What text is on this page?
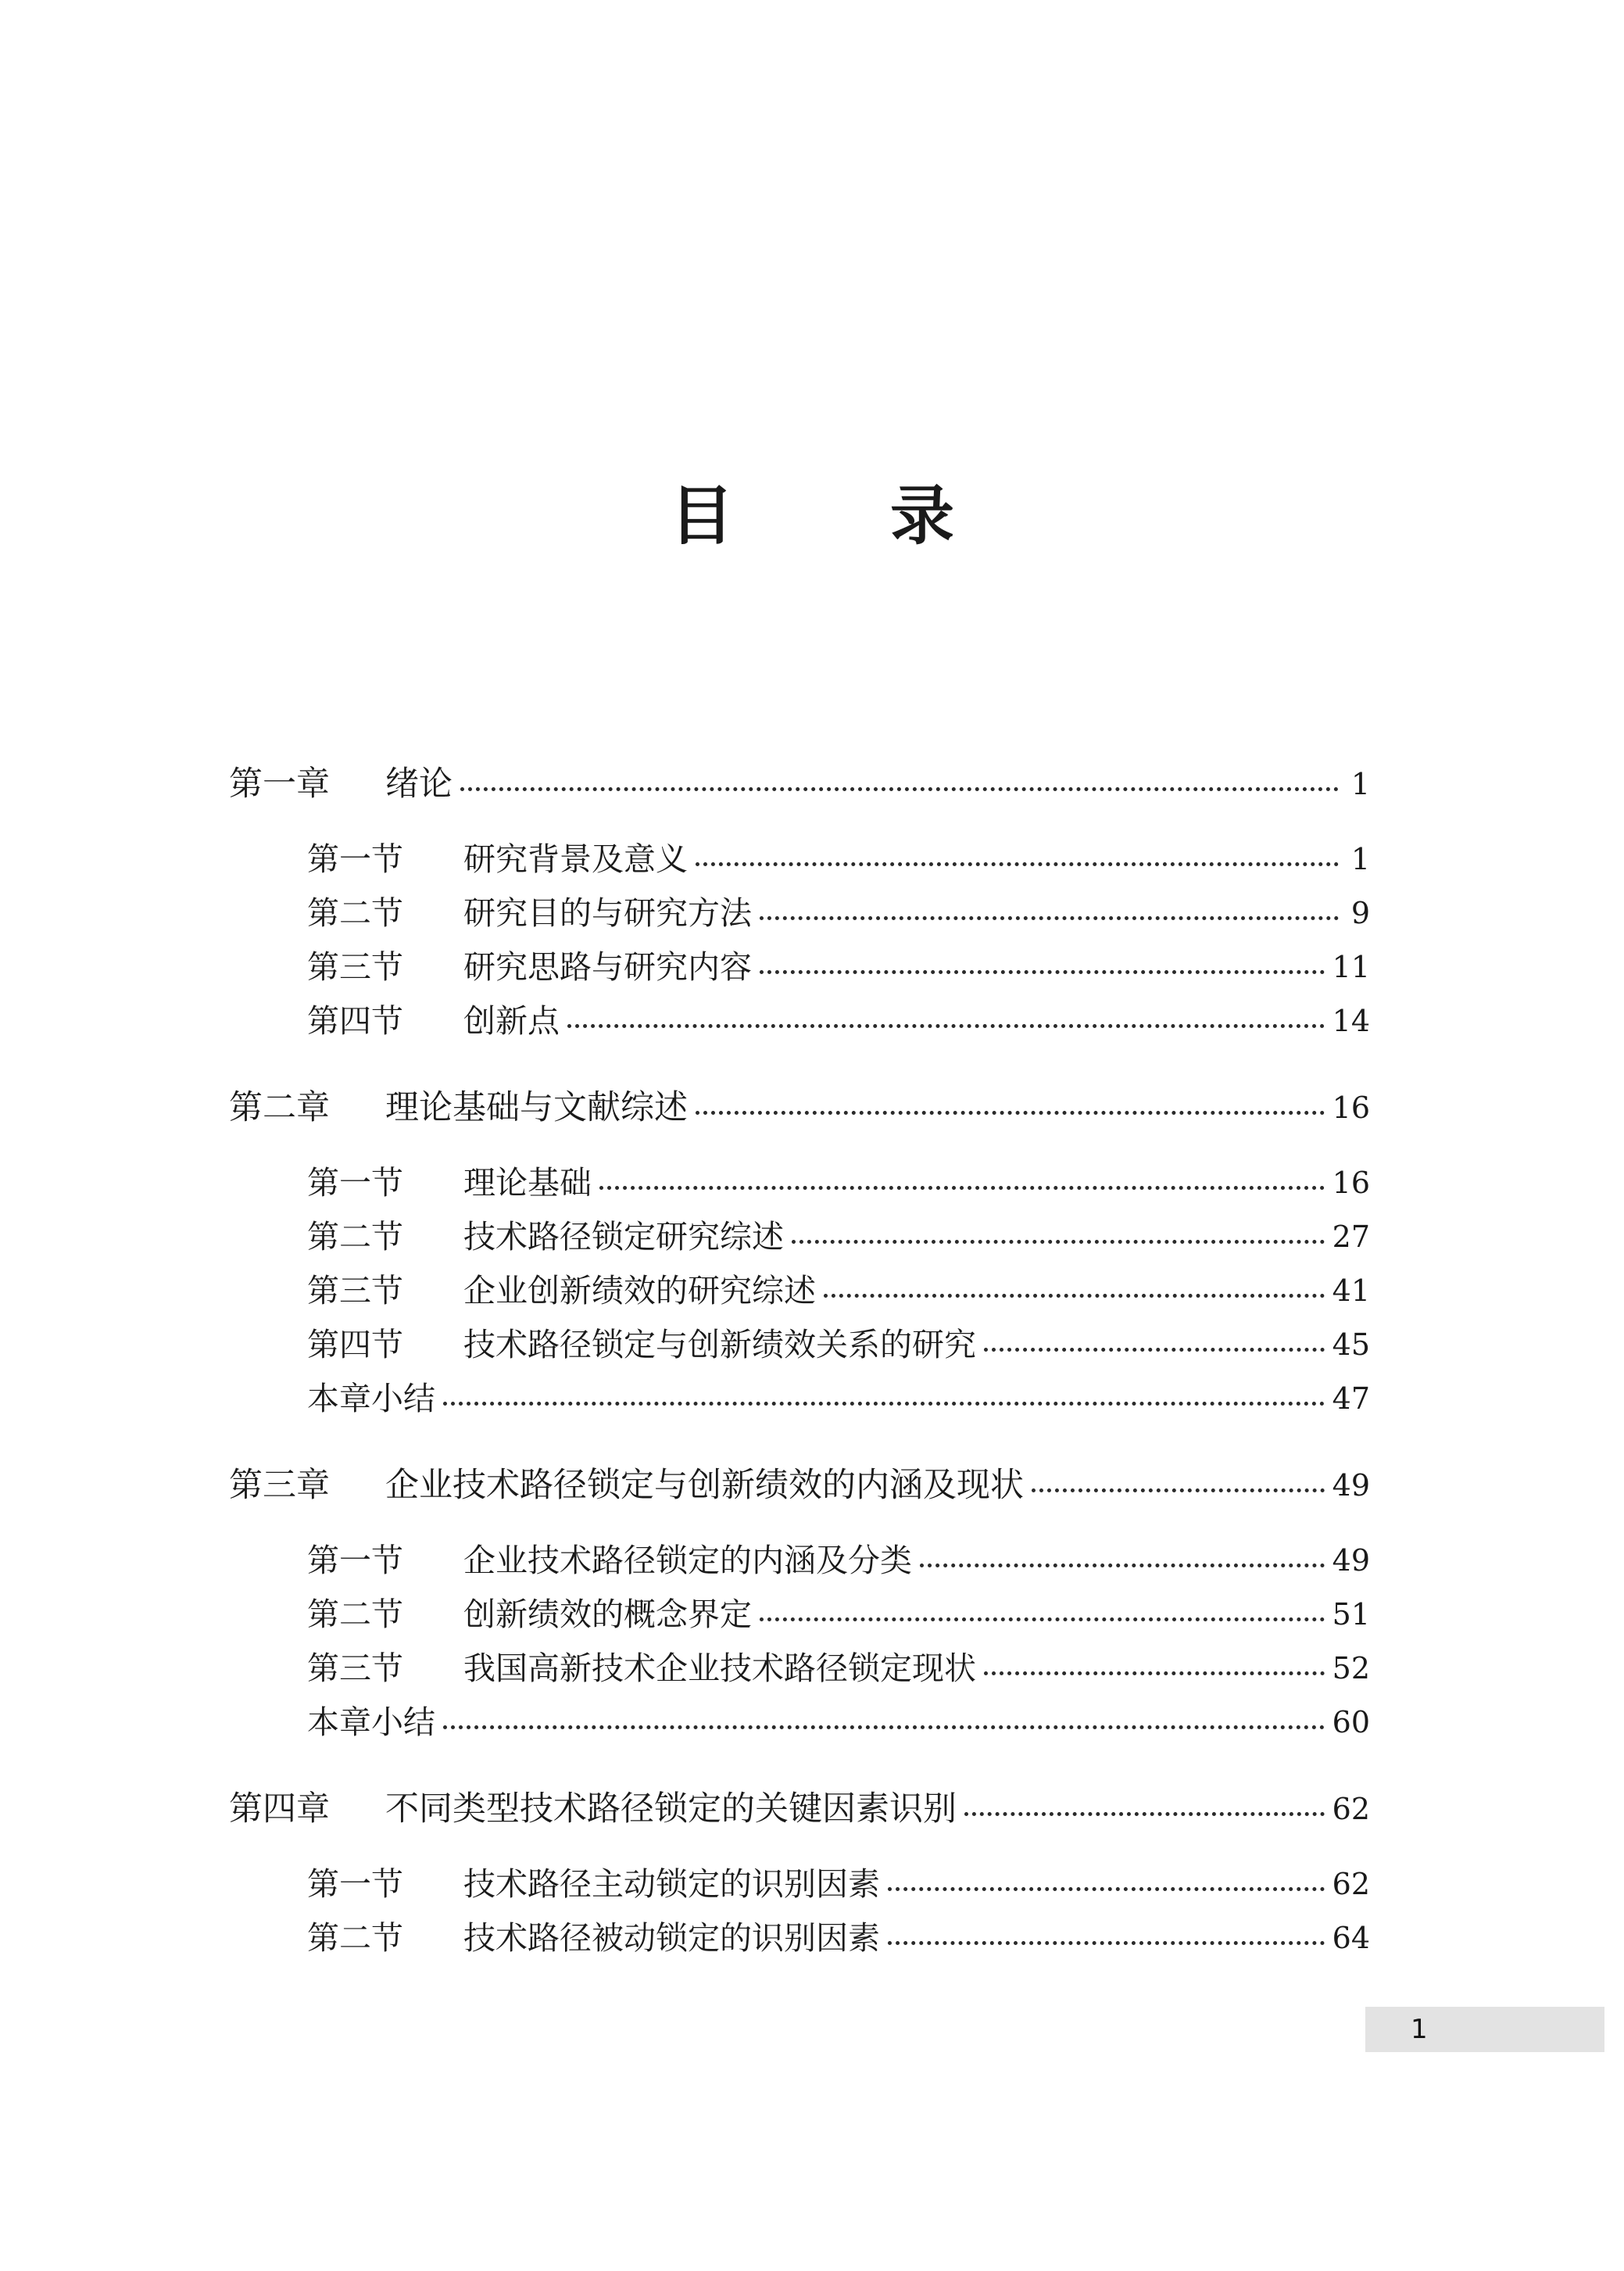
目录
第一章	绪论	1
第一节	研究背景及意义	1
第二节	研究目的与研究方法	9
第三节	研究思路与研究内容	11
第四节	创新点	14
第二章	理论基础与文献综述	16
第一节	理论基础	16
第二节	技术路径锁定研究综述	27
第三节	企业创新绩效的研究综述	41
第四节	技术路径锁定与创新绩效关系的研究	45
本章小结	47
第三章	企业技术路径锁定与创新绩效的内涵及现状	49
第一节	企业技术路径锁定的内涵及分类	49
第二节	创新绩效的概念界定	51
第三节	我国高新技术企业技术路径锁定现状	52
本章小结	60
第四章	不同类型技术路径锁定的关键因素识别	62
第一节	技术路径主动锁定的识别因素	62
第二节	技术路径被动锁定的识别因素	64
1
